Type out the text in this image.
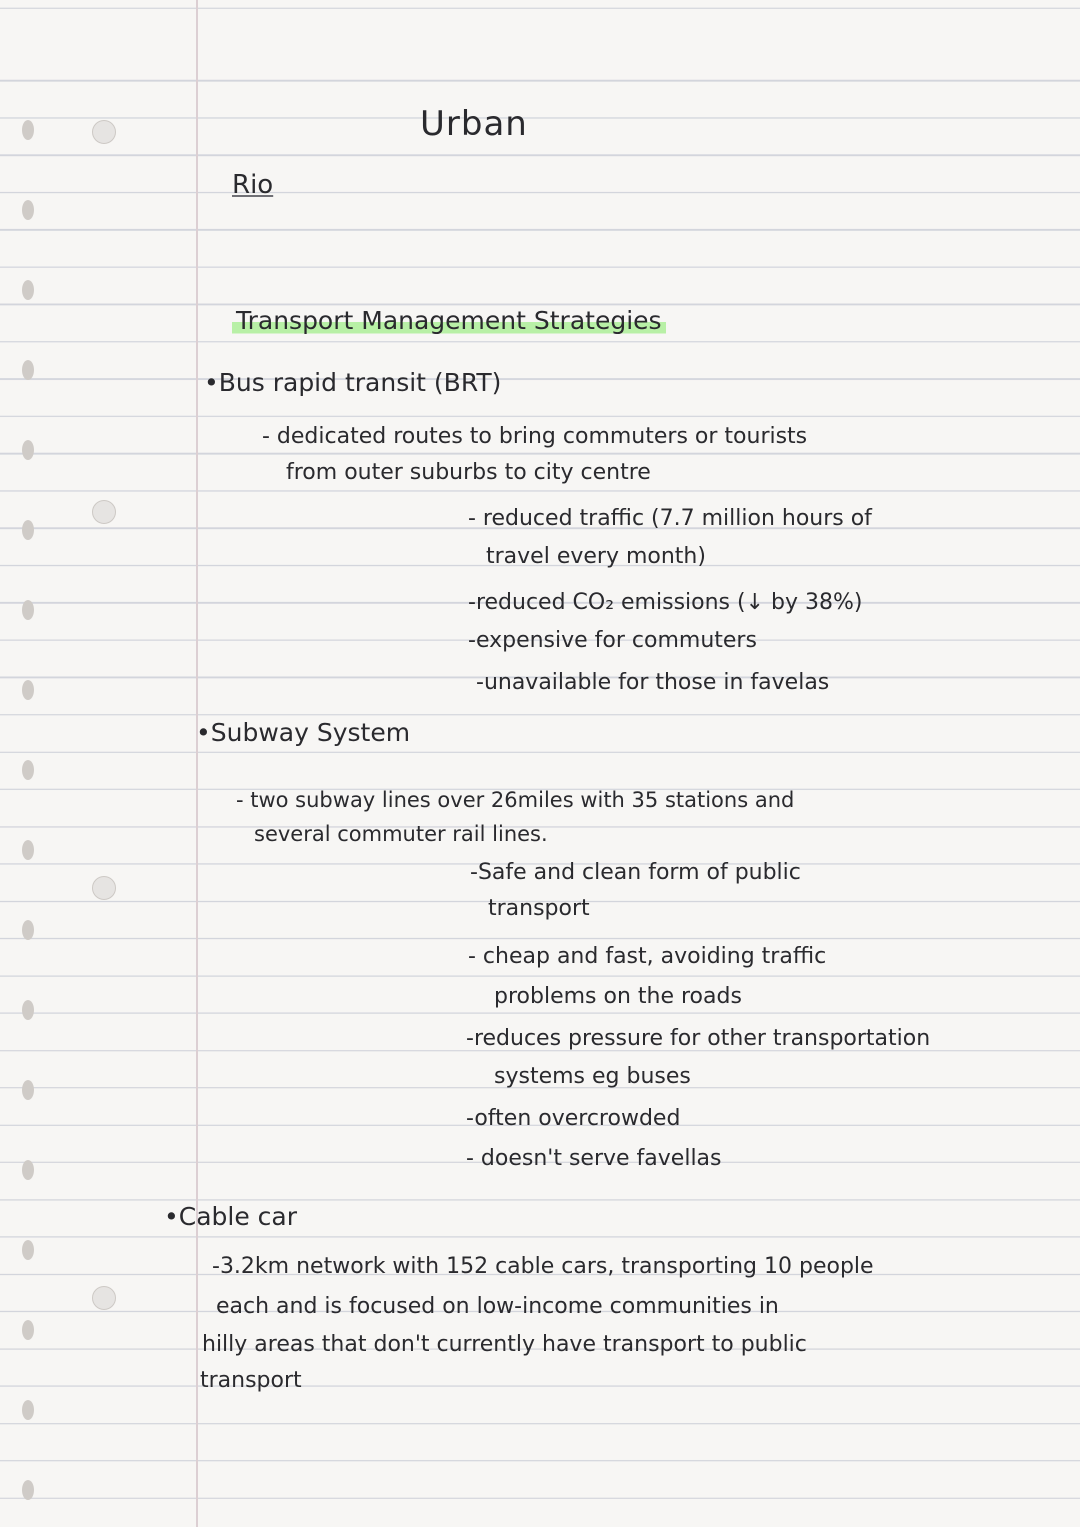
Urban
Rio
Transport Management Strategies
•Bus rapid transit (BRT)
- dedicated routes to bring commuters or tourists
from outer suburbs to city centre
- reduced traffic (7.7 million hours of
travel every month)
-reduced CO₂ emissions (↓ by 38%)
-expensive for commuters
-unavailable for those in favelas
•Subway System
- two subway lines over 26miles with 35 stations and
several commuter rail lines.
-Safe and clean form of public
transport
- cheap and fast, avoiding traffic
problems on the roads
-reduces pressure for other transportation
systems eg buses
-often overcrowded
- doesn't serve favellas
•Cable car
-3.2km network with 152 cable cars, transporting 10 people
each and is focused on low-income communities in
hilly areas that don't currently have transport to public
transport
